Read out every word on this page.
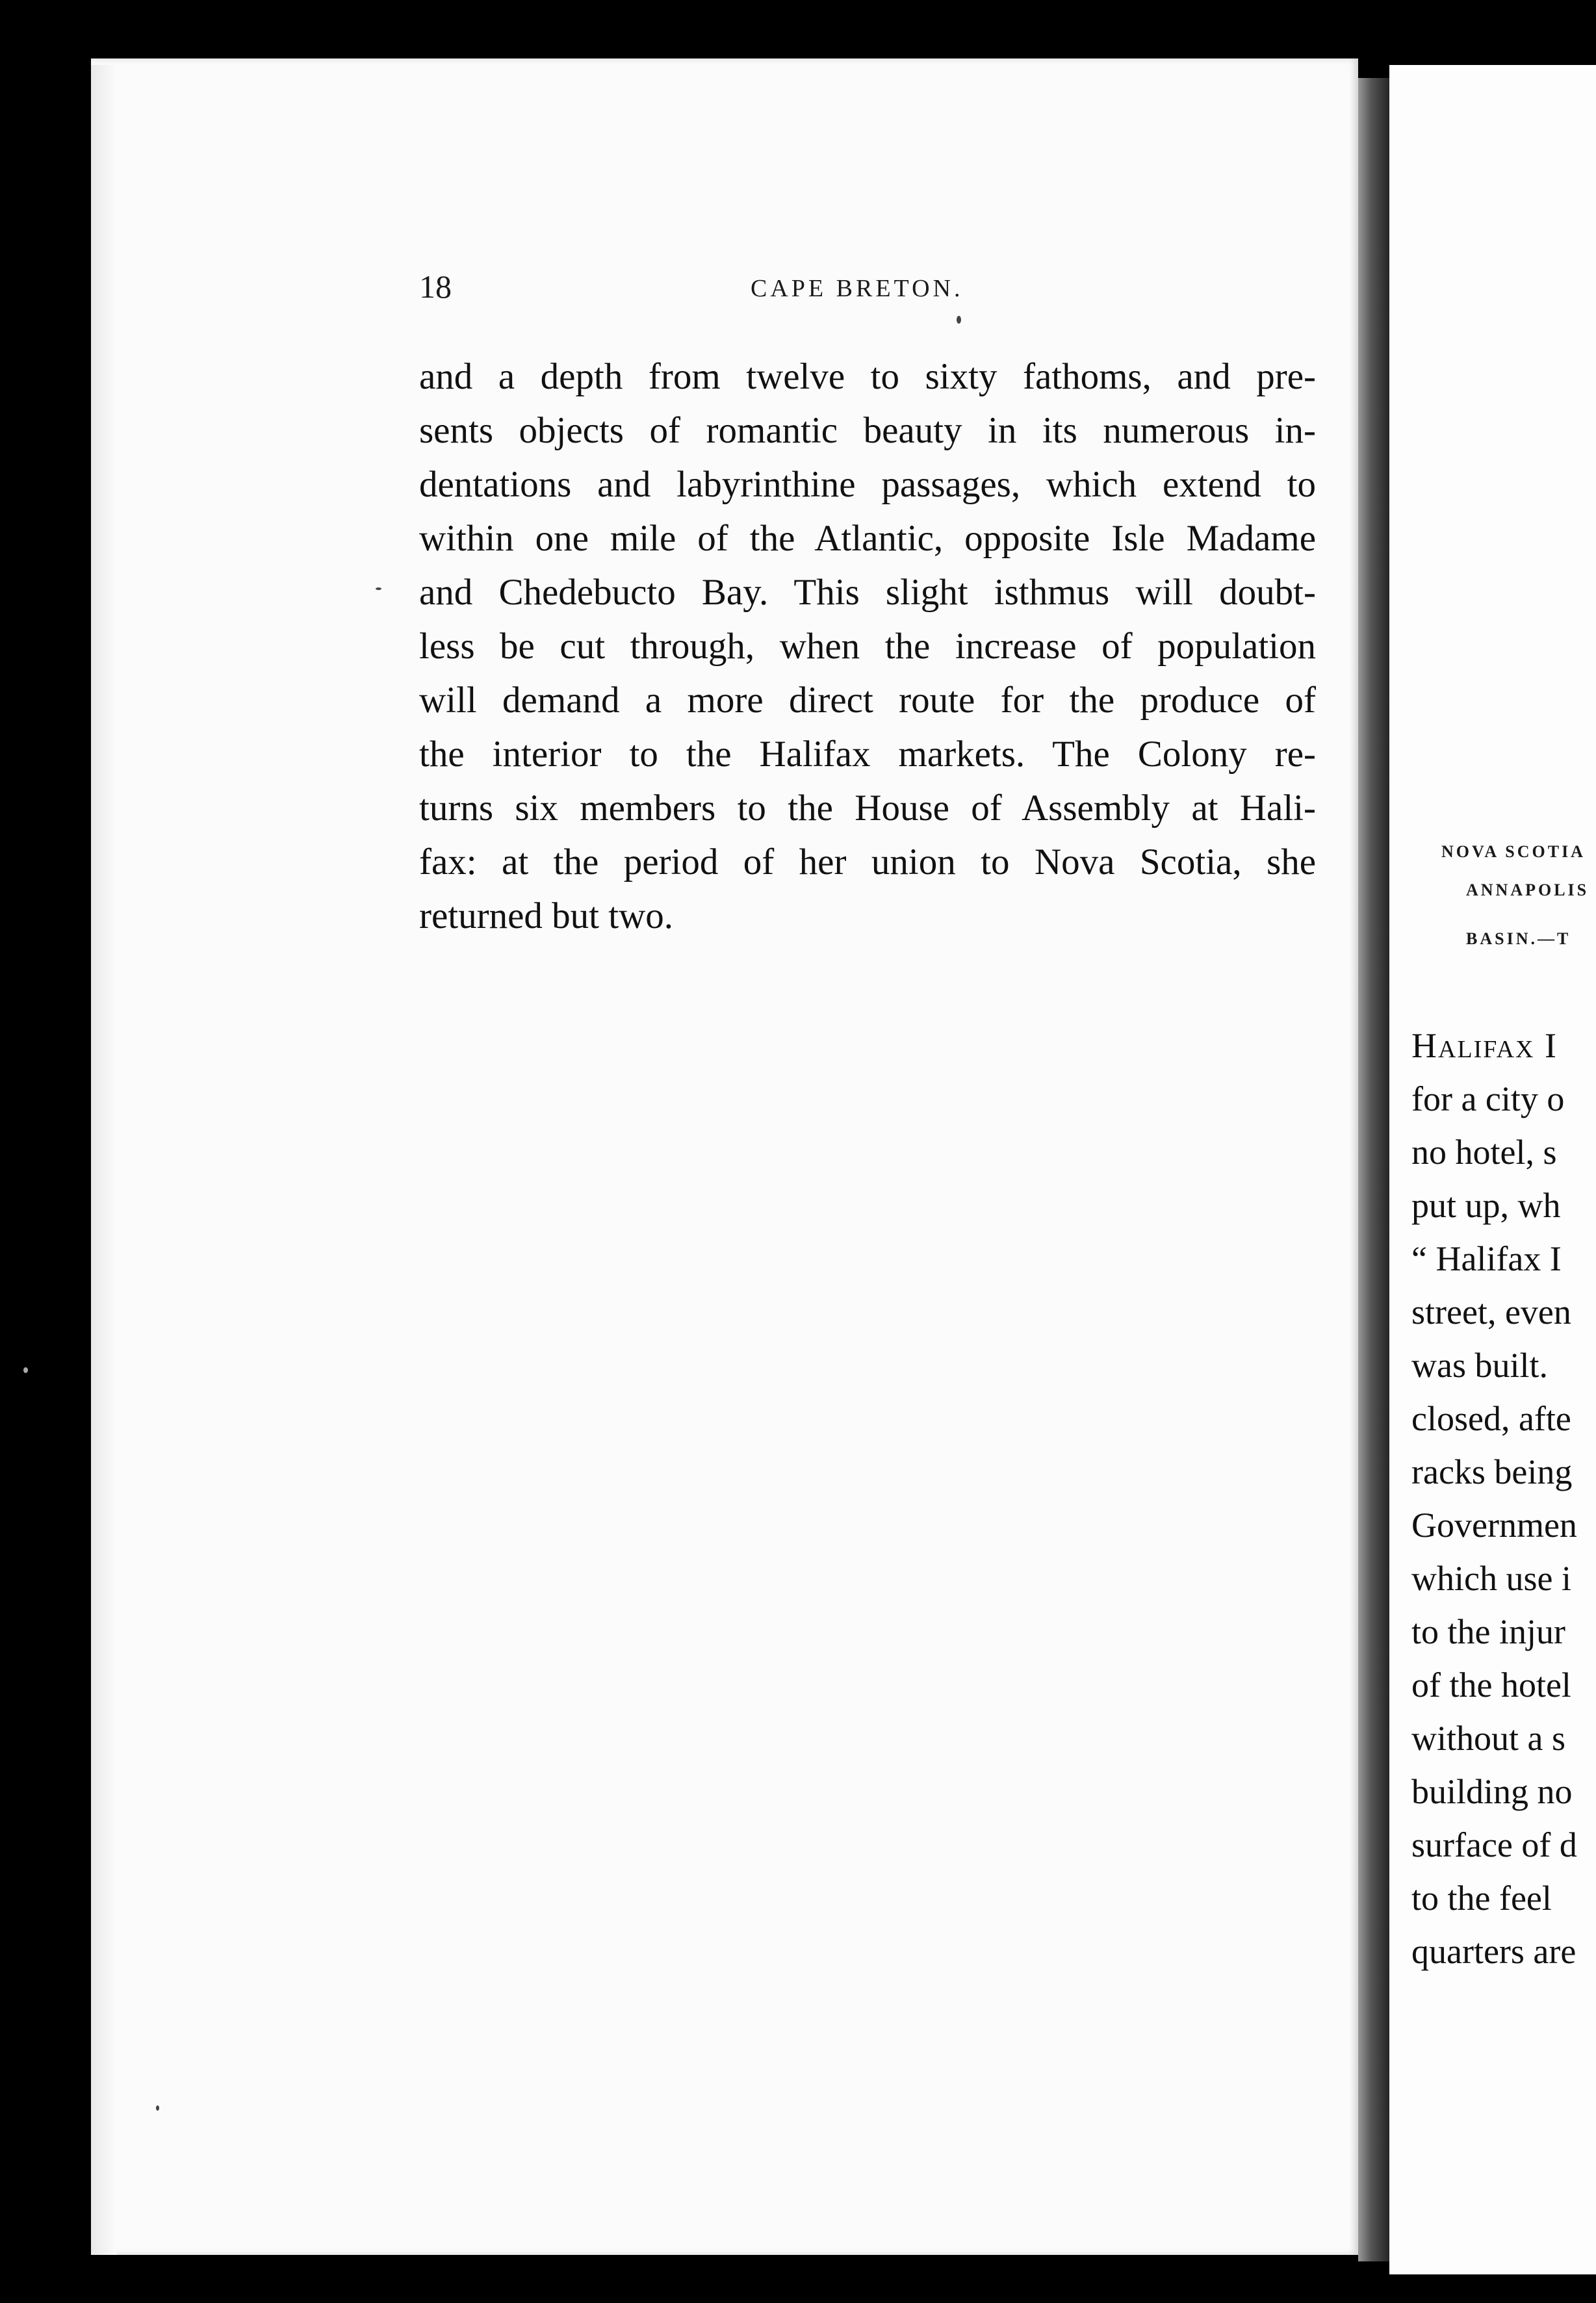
18	CAPE BRETON.
and a depth from twelve to sixty fathoms, and pre-
sents objects of romantic beauty in its numerous in-
dentations and labyrinthine passages, which extend to
within one mile of the Atlantic, opposite Isle Madame
and Chedebucto Bay. This slight isthmus will doubt-
less be cut through, when the increase of population
will demand a more direct route for the produce of
the interior to the Halifax markets. The Colony re-
turns six members to the House of Assembly at Hali-
fax: at the period of her union to Nova Scotia, she
returned but two.
NOVA SCOTIA
ANNAPOLIS
BASIN.—T
Halifax I
for a city o
no hotel, s
put up, wh
“ Halifax I
street, even
was built.
closed, afte
racks being
Governmen
which use i
to the injur
of the hotel
without a s
building no
surface of d
to the feel
quarters are
